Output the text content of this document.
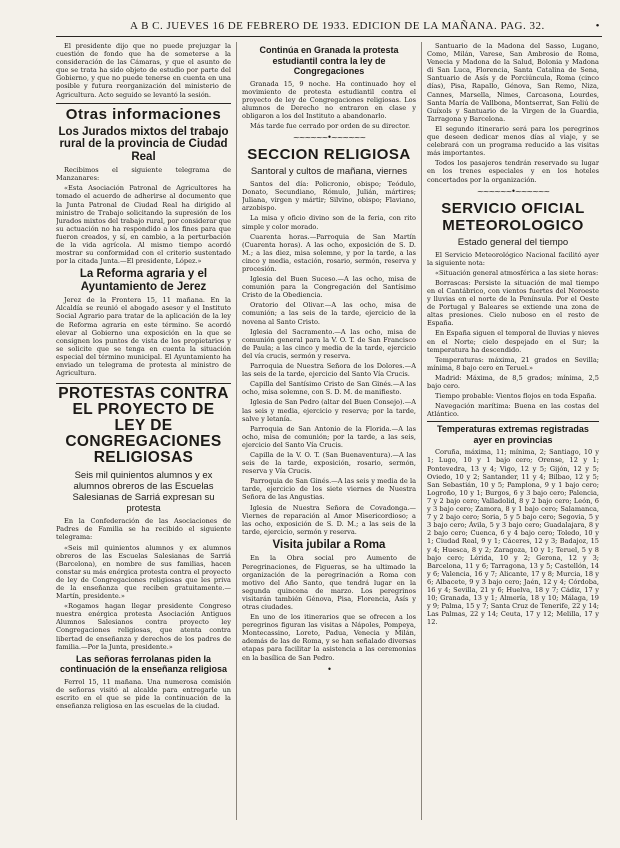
A B C. JUEVES 16 DE FEBRERO DE 1933. EDICION DE LA MAÑANA. PAG. 32.	•

El presidente dijo que no puede prejuzgar la cuestión de fondo que ha de someterse a la consideración de las Cámaras, y que el asunto de que se trata ha sido objeto de estudio por parte del Gobierno, y que no puede tenerse en cuenta en una posible y futura reorganización del ministerio de Agricultura. Acto seguido se levantó la sesión.

Otras informaciones
Los Jurados mixtos del trabajo rural de la provincia de Ciudad Real

Recibimos el siguiente telegrama de Manzanares:

«Esta Asociación Patronal de Agricultores ha tomado el acuerdo de adherirse al documento que la Junta Patronal de Ciudad Real ha dirigido al ministro de Trabajo solicitando la supresión de los Jurados mixtos del trabajo rural, por considerar que su actuación no ha respondido a los fines para que fueron creados, y sí, en cambio, a la perturbación de la vida agrícola. Al mismo tiempo acordó mostrar su conformidad con el criterio sustentado por la citada Junta.—El presidente, López.»

La Reforma agraria y el Ayuntamiento de Jerez

Jerez de la Frontera 15, 11 mañana. En la Alcaldía se reunió el abogado asesor y el Instituto Social Agrario para tratar de la aplicación de la ley de Reforma agraria en este término. Se acordó elevar al Gobierno una exposición en la que se consignen los puntos de vista de los propietarios y se solicite que se tenga en cuenta la situación especial del término municipal. El Ayuntamiento ha enviado un telegrama de protesta al ministro de Agricultura.

PROTESTAS CONTRA EL PROYECTO DE LEY DE CONGREGACIONES RELIGIOSAS
Seis mil quinientos alumnos y ex alumnos obreros de las Escuelas Salesianas de Sarriá expresan su protesta

En la Confederación de las Asociaciones de Padres de Familia se ha recibido el siguiente telegrama:

«Seis mil quinientos alumnos y ex alumnos obreros de las Escuelas Salesianas de Sarriá (Barcelona), en nombre de sus familias, hacen constar su más enérgica protesta contra el proyecto de ley de Congregaciones religiosas que les priva de la enseñanza que reciben gratuitamente.—Martín, presidente.»

«Rogamos hagan llegar presidente Congreso nuestra enérgica protesta Asociación Antiguos Alumnos Salesianos contra proyecto ley Congregaciones religiosas, que atenta contra libertad de enseñanza y derechos de los padres de familia.—Por la Junta, presidente.»

Las señoras ferrolanas piden la continuación de la enseñanza religiosa

Ferrol 15, 11 mañana. Una numerosa comisión de señoras visitó al alcalde para entregarle un escrito en el que se pide la continuación de la enseñanza religiosa en las escuelas de la ciudad.

Continúa en Granada la protesta estudiantil contra la ley de Congregaciones

Granada 15, 9 noche. Ha continuado hoy el movimiento de protesta estudiantil contra el proyecto de ley de Congregaciones religiosas. Los alumnos de Derecho no entraron en clase y obligaron a los del Instituto a abandonarlo.

Más tarde fue cerrado por orden de su director.

~~~~~~•~~~~~~
SECCION RELIGIOSA
Santoral y cultos de mañana, viernes

Santos del día: Policronio, obispo; Teódulo, Donato, Secundiano, Rómulo, Julián, mártires; Juliana, virgen y mártir; Silvino, obispo; Flaviano, arzobispo.

La misa y oficio divino son de la feria, con rito simple y color morado.

Cuarenta horas.—Parroquia de San Martín (Cuarenta horas). A las ocho, exposición de S. D. M.; a las diez, misa solemne, y por la tarde, a las cinco y media, estación, rosario, sermón, reserva y procesión.

Iglesia del Buen Suceso.—A las ocho, misa de comunión para la Congregación del Santísimo Cristo de la Obediencia.

Oratorio del Olivar.—A las ocho, misa de comunión; a las seis de la tarde, ejercicio de la novena al Santo Cristo.

Iglesia del Sacramento.—A las ocho, misa de comunión general para la V. O. T. de San Francisco de Paula; a las cinco y media de la tarde, ejercicio del vía crucis, sermón y reserva.

Parroquia de Nuestra Señora de los Dolores.—A las seis de la tarde, ejercicio del Santo Vía Crucis.

Capilla del Santísimo Cristo de San Ginés.—A las ocho, misa solemne, con S. D. M. de manifiesto.

Iglesia de San Pedro (altar del Buen Consejo).—A las seis y media, ejercicio y reserva; por la tarde, salve y letanía.

Parroquia de San Antonio de la Florida.—A las ocho, misa de comunión; por la tarde, a las seis, ejercicio del Santo Vía Crucis.

Capilla de la V. O. T. (San Buenaventura).—A las seis de la tarde, exposición, rosario, sermón, reserva y Vía Crucis.

Parroquia de San Ginés.—A las seis y media de la tarde, ejercicio de los siete viernes de Nuestra Señora de las Angustias.

Iglesia de Nuestra Señora de Covadonga.—Viernes de reparación al Amor Misericordioso; a las ocho, exposición de S. D. M.; a las seis de la tarde, ejercicio, sermón y reserva.

Visita jubilar a Roma

En la Obra social pro Aumento de Peregrinaciones, de Figueras, se ha ultimado la organización de la peregrinación a Roma con motivo del Año Santo, que tendrá lugar en la segunda quincena de marzo. Los peregrinos visitarán también Génova, Pisa, Florencia, Asís y otras ciudades.

En uno de los itinerarios que se ofrecen a los peregrinos figuran las visitas a Nápoles, Pompeya, Montecassino, Loreto, Padua, Venecia y Milán, además de las de Roma, y se han señalado diversas etapas para facilitar la asistencia a las ceremonias en la basílica de San Pedro.

•

Santuario de la Madona del Sasso, Lugano, Como, Milán, Varese, San Ambrosio de Roma, Venecia y Madona de la Salud, Bolonia y Madona di San Luca, Florencia, Santa Catalina de Sena, Santuario de Asís y de Porciúncula, Roma (cinco días), Pisa, Rapallo, Génova, San Remo, Niza, Cannes, Marsella, Nimes, Carcasona, Lourdes, Santa María de Vallbona, Montserrat, San Feliú de Guíxols y Santuario de la Virgen de la Guardia, Tarragona y Barcelona.

El segundo itinerario será para los peregrinos que deseen dedicar menos días al viaje, y se celebrará con un programa reducido a las visitas más importantes.

Todos los pasajeros tendrán reservado su lugar en los trenes especiales y en los hoteles concertados por la organización.

~~~~~~•~~~~~~
SERVICIO OFICIAL METEOROLOGICO
Estado general del tiempo

El Servicio Meteorológico Nacional facilitó ayer la siguiente nota:

«Situación general atmosférica a las siete horas:

Borrascas: Persiste la situación de mal tiempo en el Cantábrico, con vientos fuertes del Noroeste y lluvias en el norte de la Península. Por el Oeste de Portugal y Baleares se extiende una zona de altas presiones. Cielo nuboso en el resto de España.

En España siguen el temporal de lluvias y nieves en el Norte; cielo despejado en el Sur; la temperatura ha descendido.

Temperaturas: máxima, 21 grados en Sevilla; mínima, 8 bajo cero en Teruel.»

Madrid: Máxima, de 8,5 grados; mínima, 2,5 bajo cero.

Tiempo probable: Vientos flojos en toda España.

Navegación marítima: Buena en las costas del Atlántico.

Temperaturas extremas registradas ayer en provincias

Coruña, máxima, 11; mínima, 2; Santiago, 10 y 1; Lugo, 10 y 1 bajo cero; Orense, 12 y 1; Pontevedra, 13 y 4; Vigo, 12 y 5; Gijón, 12 y 5; Oviedo, 10 y 2; Santander, 11 y 4; Bilbao, 12 y 5; San Sebastián, 10 y 5; Pamplona, 9 y 1 bajo cero; Logroño, 10 y 1; Burgos, 6 y 3 bajo cero; Palencia, 7 y 2 bajo cero; Valladolid, 8 y 2 bajo cero; León, 6 y 3 bajo cero; Zamora, 8 y 1 bajo cero; Salamanca, 7 y 2 bajo cero; Soria, 5 y 5 bajo cero; Segovia, 5 y 3 bajo cero; Ávila, 5 y 3 bajo cero; Guadalajara, 8 y 2 bajo cero; Cuenca, 6 y 4 bajo cero; Toledo, 10 y 1; Ciudad Real, 9 y 1; Cáceres, 12 y 3; Badajoz, 15 y 4; Huesca, 8 y 2; Zaragoza, 10 y 1; Teruel, 5 y 8 bajo cero; Lérida, 10 y 2; Gerona, 12 y 3; Barcelona, 11 y 6; Tarragona, 13 y 5; Castellón, 14 y 6; Valencia, 16 y 7; Alicante, 17 y 8; Murcia, 18 y 6; Albacete, 9 y 3 bajo cero; Jaén, 12 y 4; Córdoba, 16 y 4; Sevilla, 21 y 6; Huelva, 18 y 7; Cádiz, 17 y 10; Granada, 13 y 1; Almería, 18 y 10; Málaga, 19 y 9; Palma, 15 y 7; Santa Cruz de Tenerife, 22 y 14; Las Palmas, 22 y 14; Ceuta, 17 y 12; Melilla, 17 y 12.
